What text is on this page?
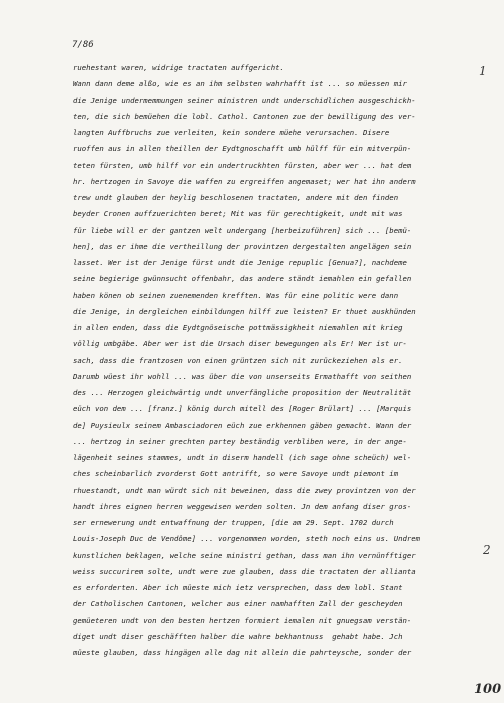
7/86
ruehestant waren, widrige tractaten auffgericht.
Wann dann deme alßo, wie es an ihm selbsten wahrhafft ist ... so müessen mir
die Jenige undermemmungen seiner ministren undt underschidlichen ausgeschickh-
ten, die sich bemüehen die lobl. Cathol. Cantonen zue der bewilligung des ver-
langten Auffbruchs zue verleiten, kein sondere müehe verursachen. Disere
ruoffen aus in allen theillen der Eydtgnoschafft umb hülff für ein mitverpün-
teten fürsten, umb hilff vor ein undertruckhten fürsten, aber wer ... hat dem
hr. hertzogen in Savoye die waffen zu ergreiffen angemaset; wer hat ihn anderm
trew undt glauben der heylig beschlosenen tractaten, andere mit den finden
beyder Cronen auffzuerichten beret; Mit was für gerechtigkeit, undt mit was
für liebe will er der gantzen welt undergang [herbeizuführen] sich ... [bemü-
hen], das er ihme die vertheillung der provintzen dergestalten angelägen sein
lasset. Wer ist der Jenige fürst undt die Jenige repuplic [Genua?], nachdeme
seine begierige gwünnsucht offenbahr, das andere ständt iemahlen ein gefallen
haben könen ob seinen zuenemenden krefften. Was für eine politic were dann
die Jenige, in dergleichen einbildungen hilff zue leisten? Er thuet auskhünden
in allen enden, dass die Eydtgnöseische pottmässigkheit niemahlen mit krieg
völlig umbgäbe. Aber wer ist die Ursach diser bewegungen als Er! Wer ist ur-
sach, dass die frantzosen von einen grüntzen sich nit zurückeziehen als er.
Darumb wüest ihr wohll ... was über die von unserseits Ermathafft von seithen
des ... Herzogen gleichwärtig undt unverfängliche proposition der Neutralität
eüch von dem ... [franz.] könig durch mitell des [Roger Brülart] ... [Marquis
de] Puysieulx seinem Ambasciadoren eüch zue erkhennen gäben gemacht. Wann der
... hertzog in seiner grechten partey beständig verbliben were, in der ange-
lägenheit seines stammes, undt in diserm handell (ich sage ohne scheüch) wel-
ches scheinbarlich zvorderst Gott antrifft, so were Savoye undt piemont im
rhuestandt, undt man würdt sich nit beweinen, dass die zwey provintzen von der
handt ihres eignen herren weggewisen werden solten. Jn dem anfang diser gros-
ser ernewerung undt entwaffnung der truppen, [die am 29. Sept. 1702 durch
Louis-Joseph Duc de Vendôme] ... vorgenommen worden, steth noch eins us. Undrem
kunstlichen beklagen, welche seine ministri gethan, dass man ihn vernünfftiger
weiss succurirem solte, undt were zue glauben, dass die tractaten der allianta
es erforderten. Aber ich müeste mich ietz versprechen, dass dem lobl. Stant
der Catholischen Cantonen, welcher aus einer namhafften Zall der gescheyden
gemüeteren undt von den besten hertzen formiert iemalen nit gnuegsam verstän-
diget undt diser geschäfften halber die wahre bekhantnuss  gehabt habe. Jch
müeste glauben, dass hingägen alle dag nit allein die pahrteysche, sonder der
1
2
100
